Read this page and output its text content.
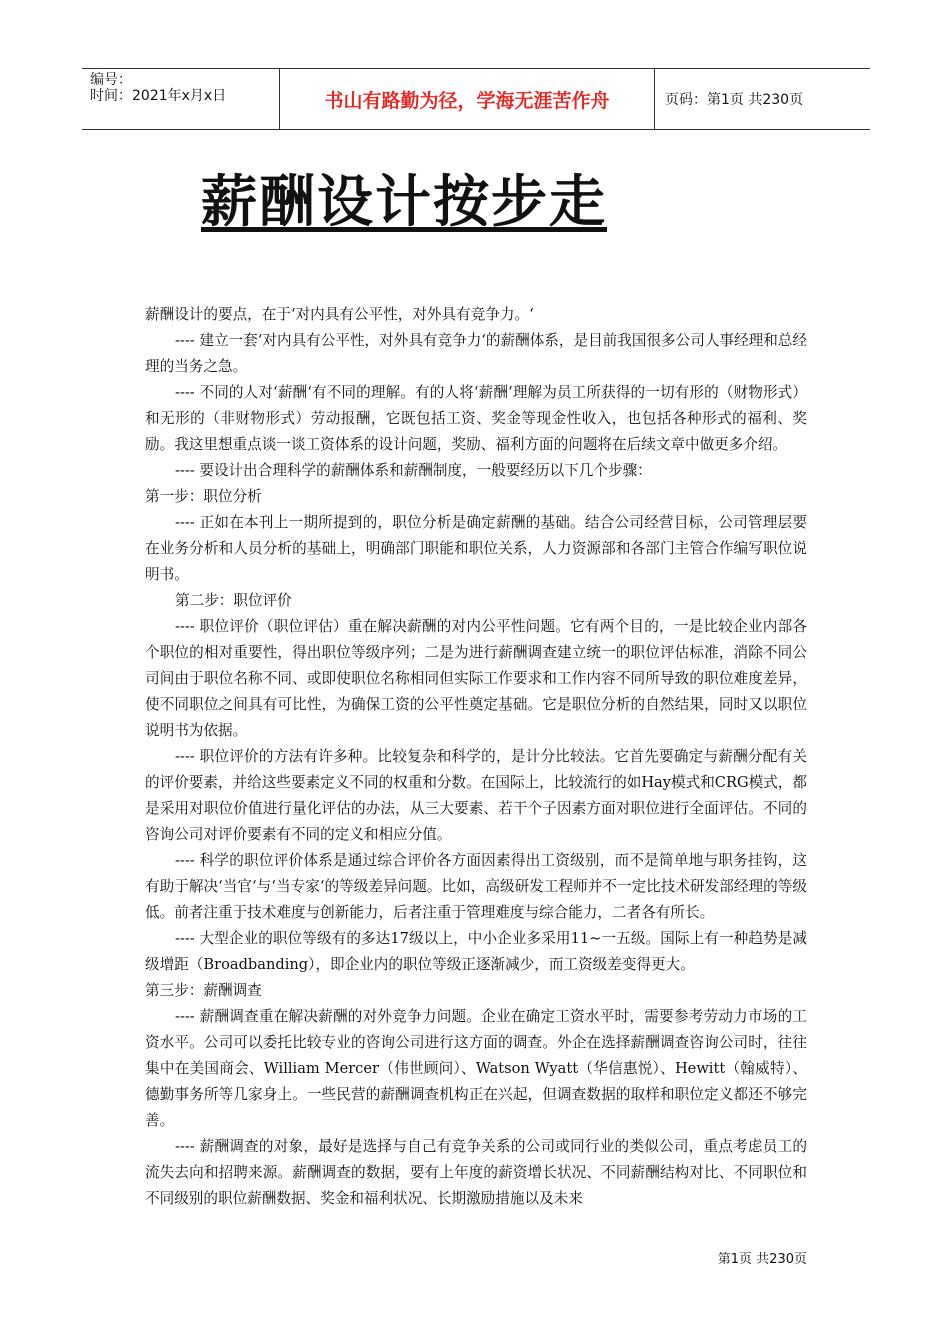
编号：
时间：2021年x月x日	书山有路勤为径，学海无涯苦作舟	页码：第1页 共230页
薪酬设计按步走

薪酬设计的要点，在于‘对内具有公平性，对外具有竞争力。‘

---- 建立一套‘对内具有公平性，对外具有竞争力‘的薪酬体系，是目前我国很多公司人事经理和总经理的当务之急。

---- 不同的人对‘薪酬‘有不同的理解。有的人将‘薪酬‘理解为员工所获得的一切有形的（财物形式）和无形的（非财物形式）劳动报酬，它既包括工资、奖金等现金性收入，也包括各种形式的福利、奖励。我这里想重点谈一谈工资体系的设计问题，奖励、福利方面的问题将在后续文章中做更多介绍。

---- 要设计出合理科学的薪酬体系和薪酬制度，一般要经历以下几个步骤：

第一步：职位分析

---- 正如在本刊上一期所提到的，职位分析是确定薪酬的基础。结合公司经营目标，公司管理层要在业务分析和人员分析的基础上，明确部门职能和职位关系，人力资源部和各部门主管合作编写职位说明书。

第二步：职位评价

---- 职位评价（职位评估）重在解决薪酬的对内公平性问题。它有两个目的，一是比较企业内部各个职位的相对重要性，得出职位等级序列；二是为进行薪酬调查建立统一的职位评估标准，消除不同公司间由于职位名称不同、或即使职位名称相同但实际工作要求和工作内容不同所导致的职位难度差异，使不同职位之间具有可比性，为确保工资的公平性奠定基础。它是职位分析的自然结果，同时又以职位说明书为依据。

---- 职位评价的方法有许多种。比较复杂和科学的，是计分比较法。它首先要确定与薪酬分配有关的评价要素，并给这些要素定义不同的权重和分数。在国际上，比较流行的如Hay模式和CRG模式，都是采用对职位价值进行量化评估的办法，从三大要素、若干个子因素方面对职位进行全面评估。不同的咨询公司对评价要素有不同的定义和相应分值。

---- 科学的职位评价体系是通过综合评价各方面因素得出工资级别，而不是简单地与职务挂钩，这有助于解决‘当官‘与‘当专家‘的等级差异问题。比如，高级研发工程师并不一定比技术研发部经理的等级低。前者注重于技术难度与创新能力，后者注重于管理难度与综合能力，二者各有所长。

---- 大型企业的职位等级有的多达17级以上，中小企业多采用11~一五级。国际上有一种趋势是减级增距（Broadbanding），即企业内的职位等级正逐渐减少，而工资级差变得更大。

第三步：薪酬调查

---- 薪酬调查重在解决薪酬的对外竞争力问题。企业在确定工资水平时，需要参考劳动力市场的工资水平。公司可以委托比较专业的咨询公司进行这方面的调查。外企在选择薪酬调查咨询公司时，往往集中在美国商会、William Mercer（伟世顾问）、Watson Wyatt（华信惠悦）、Hewitt（翰威特）、德勤事务所等几家身上。一些民营的薪酬调查机构正在兴起，但调查数据的取样和职位定义都还不够完善。

---- 薪酬调查的对象，最好是选择与自己有竞争关系的公司或同行业的类似公司，重点考虑员工的流失去向和招聘来源。薪酬调查的数据，要有上年度的薪资增长状况、不同薪酬结构对比、不同职位和不同级别的职位薪酬数据、奖金和福利状况、长期激励措施以及未来

第1页 共230页
